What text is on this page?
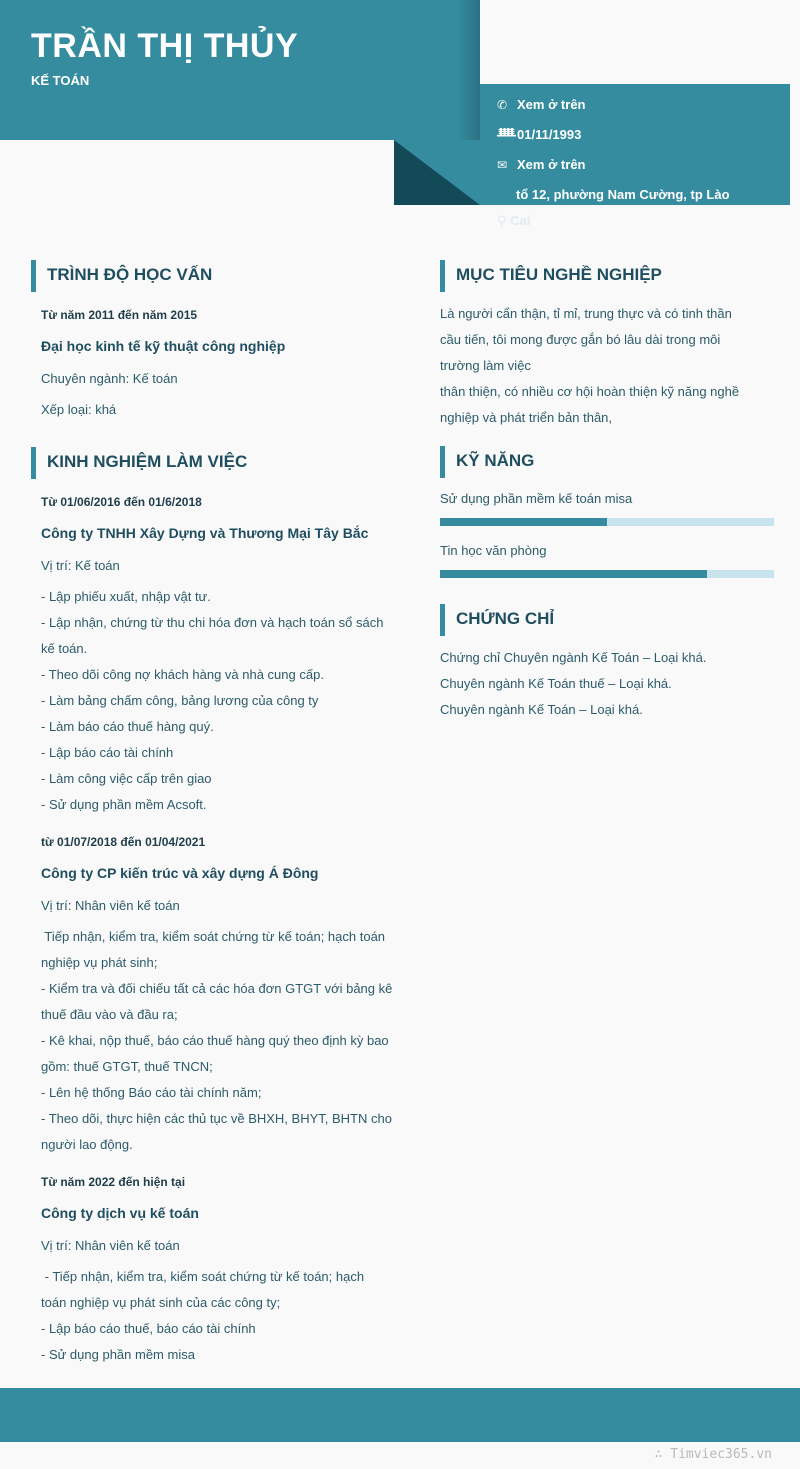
TRẦN THỊ THỦY
KẾ TOÁN
✆ Xem ở trên
ᚙ01/11/1993
✉ Xem ở trên
tổ 12, phường Nam Cường, tp Lào
⚲ Cai
TRÌNH ĐỘ HỌC VẤN
Từ năm 2011 đến năm 2015
Đại học kinh tế kỹ thuật công nghiệp
Chuyên ngành: Kế toán
Xếp loại: khá
KINH NGHIỆM LÀM VIỆC
Từ 01/06/2016 đến 01/6/2018
Công ty TNHH Xây Dựng và Thương Mại Tây Bắc
Vị trí: Kế toán
- Lập phiếu xuất, nhập vật tư.
- Lập nhận, chứng từ thu chi hóa đơn và hạch toán sổ sách
kế toán.
- Theo dõi công nợ khách hàng và nhà cung cấp.
- Làm bảng chấm công, bảng lương của công ty
- Làm báo cáo thuế hàng quý.
- Lập báo cáo tài chính
- Làm công việc cấp trên giao
- Sử dụng phần mềm Acsoft.
từ 01/07/2018 đến 01/04/2021
Công ty CP kiến trúc và xây dựng Á Đông
Vị trí: Nhân viên kế toán
Tiếp nhận, kiểm tra, kiểm soát chứng từ kế toán; hạch toán
nghiệp vụ phát sinh;
- Kiểm tra và đối chiếu tất cả các hóa đơn GTGT với bảng kê
thuế đầu vào và đầu ra;
- Kê khai, nộp thuế, báo cáo thuế hàng quý theo định kỳ bao
gồm: thuế GTGT, thuế TNCN;
- Lên hệ thống Báo cáo tài chính năm;
- Theo dõi, thực hiện các thủ tục về BHXH, BHYT, BHTN cho
người lao động.
Từ năm 2022 đến hiện tại
Công ty dịch vụ kế toán
Vị trí: Nhân viên kế toán
- Tiếp nhận, kiểm tra, kiểm soát chứng từ kế toán; hạch
toán nghiệp vụ phát sinh của các công ty;
- Lập báo cáo thuế, báo cáo tài chính
- Sử dụng phần mềm misa
MỤC TIÊU NGHỀ NGHIỆP
Là người cẩn thận, tỉ mỉ, trung thực và có tinh thần
cầu tiến, tôi mong được gắn bó lâu dài trong môi
trường làm việc
thân thiện, có nhiều cơ hội hoàn thiện kỹ năng nghề
nghiệp và phát triển bản thân,
KỸ NĂNG
Sử dụng phần mềm kế toán misa
Tin học văn phòng
CHỨNG CHỈ
Chứng chỉ Chuyên ngành Kế Toán – Loại khá.
Chuyên ngành Kế Toán thuế – Loại khá.
Chuyên ngành Kế Toán – Loại khá.
∴ Timviec365.vn
